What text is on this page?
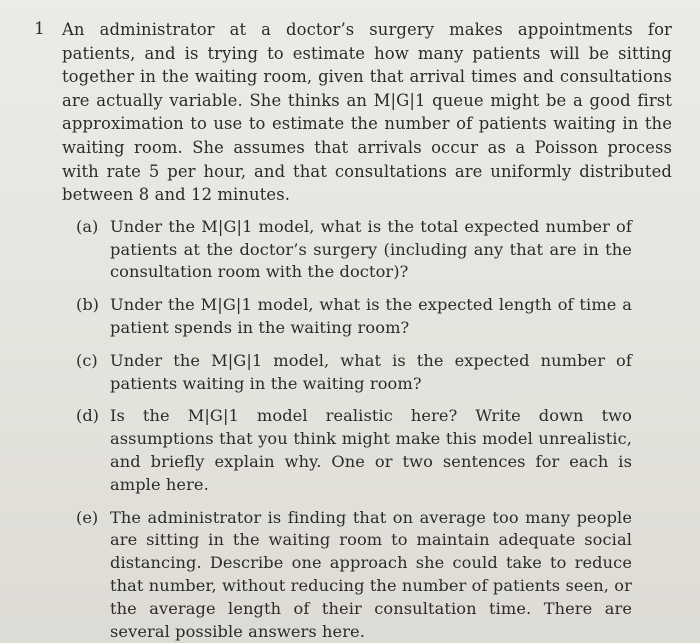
1	An administrator at a doctor’s surgery makes appointments for patients, and is trying to estimate how many patients will be sitting together in the waiting room, given that arrival times and consultations are actually variable. She thinks an M|G|1 queue might be a good first approximation to use to estimate the number of patients waiting in the waiting room. She assumes that arrivals occur as a Poisson process with rate 5 per hour, and that consultations are uniformly distributed between 8 and 12 minutes.
(a) Under the M|G|1 model, what is the total expected number of patients at the doctor’s surgery (including any that are in the consultation room with the doctor)?
(b) Under the M|G|1 model, what is the expected length of time a patient spends in the waiting room?
(c) Under the M|G|1 model, what is the expected number of patients waiting in the waiting room?
(d) Is the M|G|1 model realistic here? Write down two assumptions that you think might make this model unrealistic, and briefly explain why. One or two sentences for each is ample here.
(e) The administrator is finding that on average too many people are sitting in the waiting room to maintain adequate social distancing. Describe one approach she could take to reduce that number, without reducing the number of patients seen, or the average length of their consultation time. There are several possible answers here.
